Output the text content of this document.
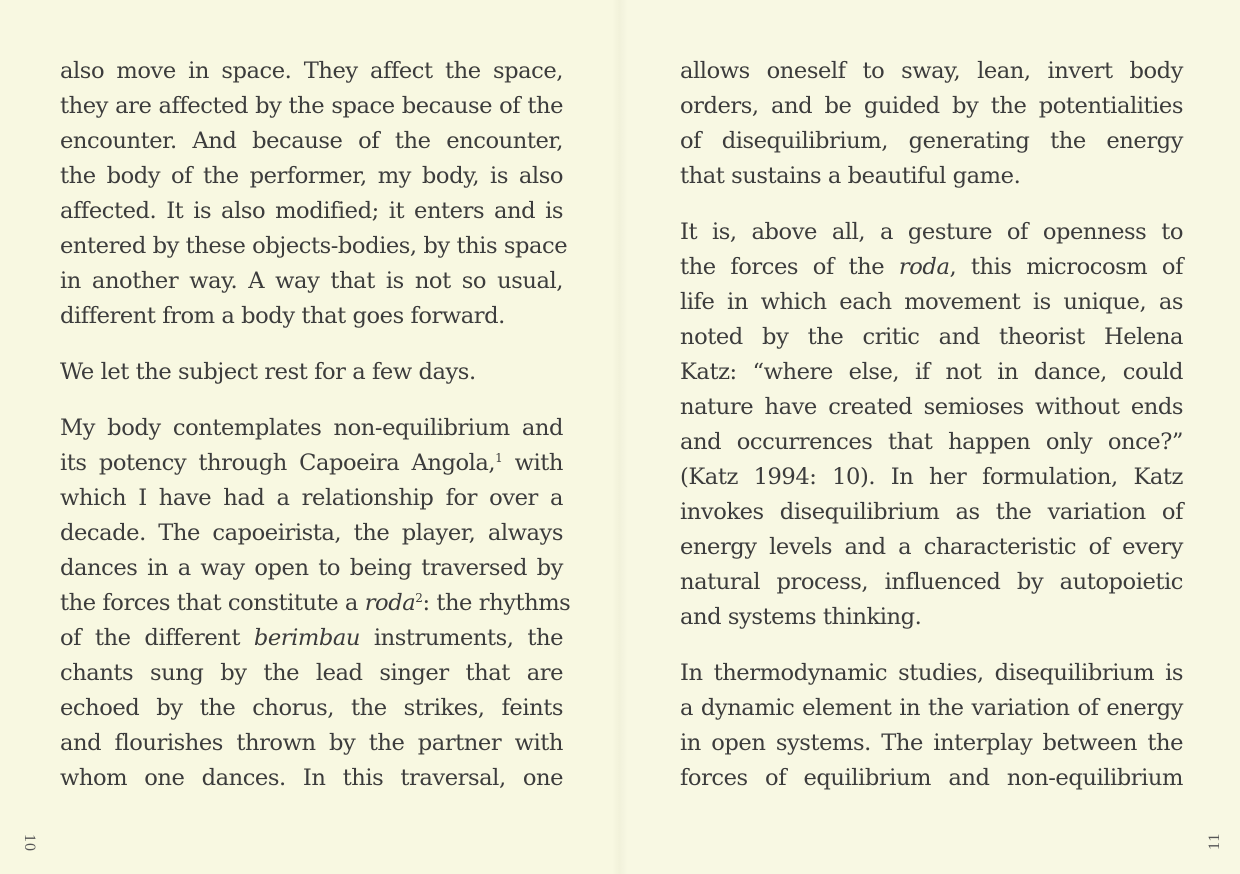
also move in space. They affect the space,
they are affected by the space because of the
encounter. And because of the encounter,
the body of the performer, my body, is also
affected. It is also modified; it enters and is
entered by these objects-bodies, by this space
in another way. A way that is not so usual,
different from a body that goes forward.

We let the subject rest for a few days.

My body contemplates non-equilibrium and
its potency through Capoeira Angola,$^1$ with
which I have had a relationship for over a
decade. The capoeirista, the player, always
dances in a way open to being traversed by
the forces that constitute a roda$^2$: the rhythms
of the different berimbau instruments, the
chants sung by the lead singer that are
echoed by the chorus, the strikes, feints
and flourishes thrown by the partner with
whom one dances. In this traversal, one

allows oneself to sway, lean, invert body
orders, and be guided by the potentialities
of disequilibrium, generating the energy
that sustains a beautiful game.

It is, above all, a gesture of openness to
the forces of the roda, this microcosm of
life in which each movement is unique, as
noted by the critic and theorist Helena
Katz: “where else, if not in dance, could
nature have created semioses without ends
and occurrences that happen only once?”
(Katz 1994: 10). In her formulation, Katz
invokes disequilibrium as the variation of
energy levels and a characteristic of every
natural process, influenced by autopoietic
and systems thinking.

In thermodynamic studies, disequilibrium is
a dynamic element in the variation of energy
in open systems. The interplay between the
forces of equilibrium and non-equilibrium

10	11
